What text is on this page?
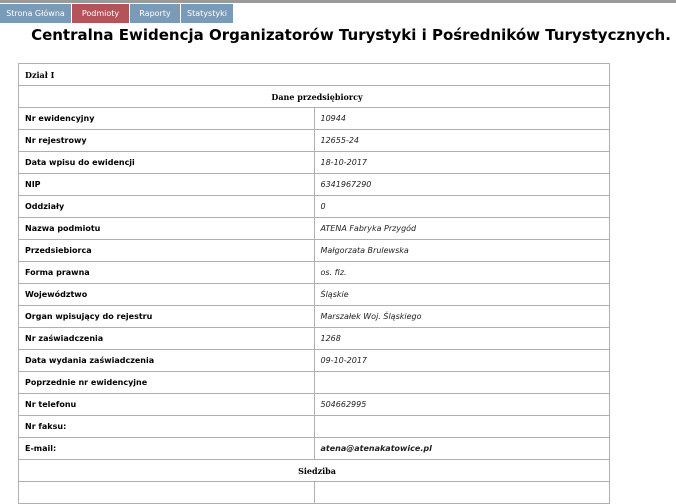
Strona Główna	Podmioty	Raporty	Statystyki
Centralna Ewidencja Organizatorów Turystyki i Pośredników Turystycznych.
Dział I	
Dane przedsiębiorcy	
Nr ewidencyjny	10944
Nr rejestrowy	12655-24
Data wpisu do ewidencji	18-10-2017
NIP	6341967290
Oddziały	0
Nazwa podmiotu	ATENA Fabryka Przygód
Przedsiebiorca	Małgorzata Brulewska
Forma prawna	os. fiz.
Województwo	Śląskie
Organ wpisujący do rejestru	Marszałek Woj. Śląskiego
Nr zaświadczenia	1268
Data wydania zaświadczenia	09-10-2017
Poprzednie nr ewidencyjne	
Nr telefonu	504662995
Nr faksu:	
E-mail:	atena@atenakatowice.pl
Siedziba	
